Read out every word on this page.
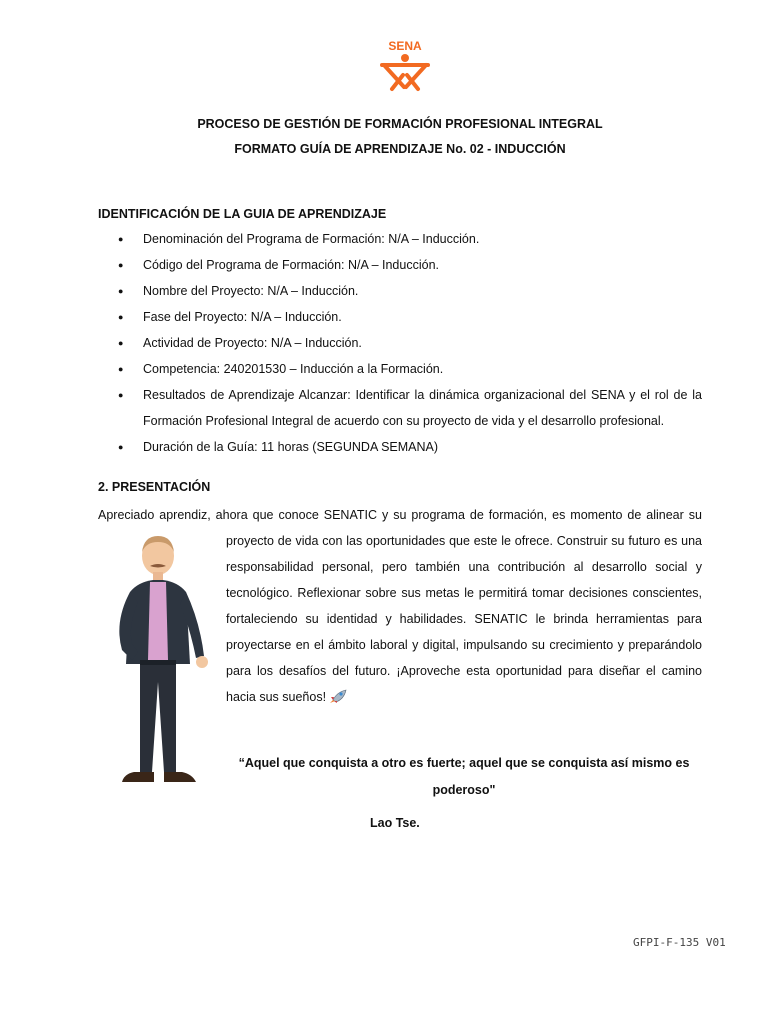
SENA
PROCESO DE GESTIÓN DE FORMACIÓN PROFESIONAL INTEGRAL
FORMATO GUÍA DE APRENDIZAJE No. 02 - INDUCCIÓN
IDENTIFICACIÓN DE LA GUIA DE APRENDIZAJE
● Denominación del Programa de Formación: N/A – Inducción.
● Código del Programa de Formación: N/A – Inducción.
● Nombre del Proyecto: N/A – Inducción.
● Fase del Proyecto: N/A – Inducción.
● Actividad de Proyecto: N/A – Inducción.
● Competencia: 240201530 – Inducción a la Formación.
● Resultados de Aprendizaje Alcanzar: Identificar la dinámica organizacional del SENA y el rol de la Formación Profesional Integral de acuerdo con su proyecto de vida y el desarrollo profesional.
● Duración de la Guía: 11 horas (SEGUNDA SEMANA)
2. PRESENTACIÓN
Apreciado aprendiz, ahora que conoce SENATIC y su programa de formación, es momento de alinear su
proyecto de vida con las oportunidades que este le ofrece. Construir su futuro es una responsabilidad personal, pero también una contribución al desarrollo social y tecnológico. Reflexionar sobre sus metas le permitirá tomar decisiones conscientes, fortaleciendo su identidad y habilidades. SENATIC le brinda herramientas para proyectarse en el ámbito laboral y digital, impulsando su crecimiento y preparándolo para los desafíos del futuro. ¡Aproveche esta oportunidad para diseñar el camino hacia sus sueños!
“Aquel que conquista a otro es fuerte; aquel que se conquista así mismo es poderoso"
Lao Tse.
GFPI-F-135 V01
